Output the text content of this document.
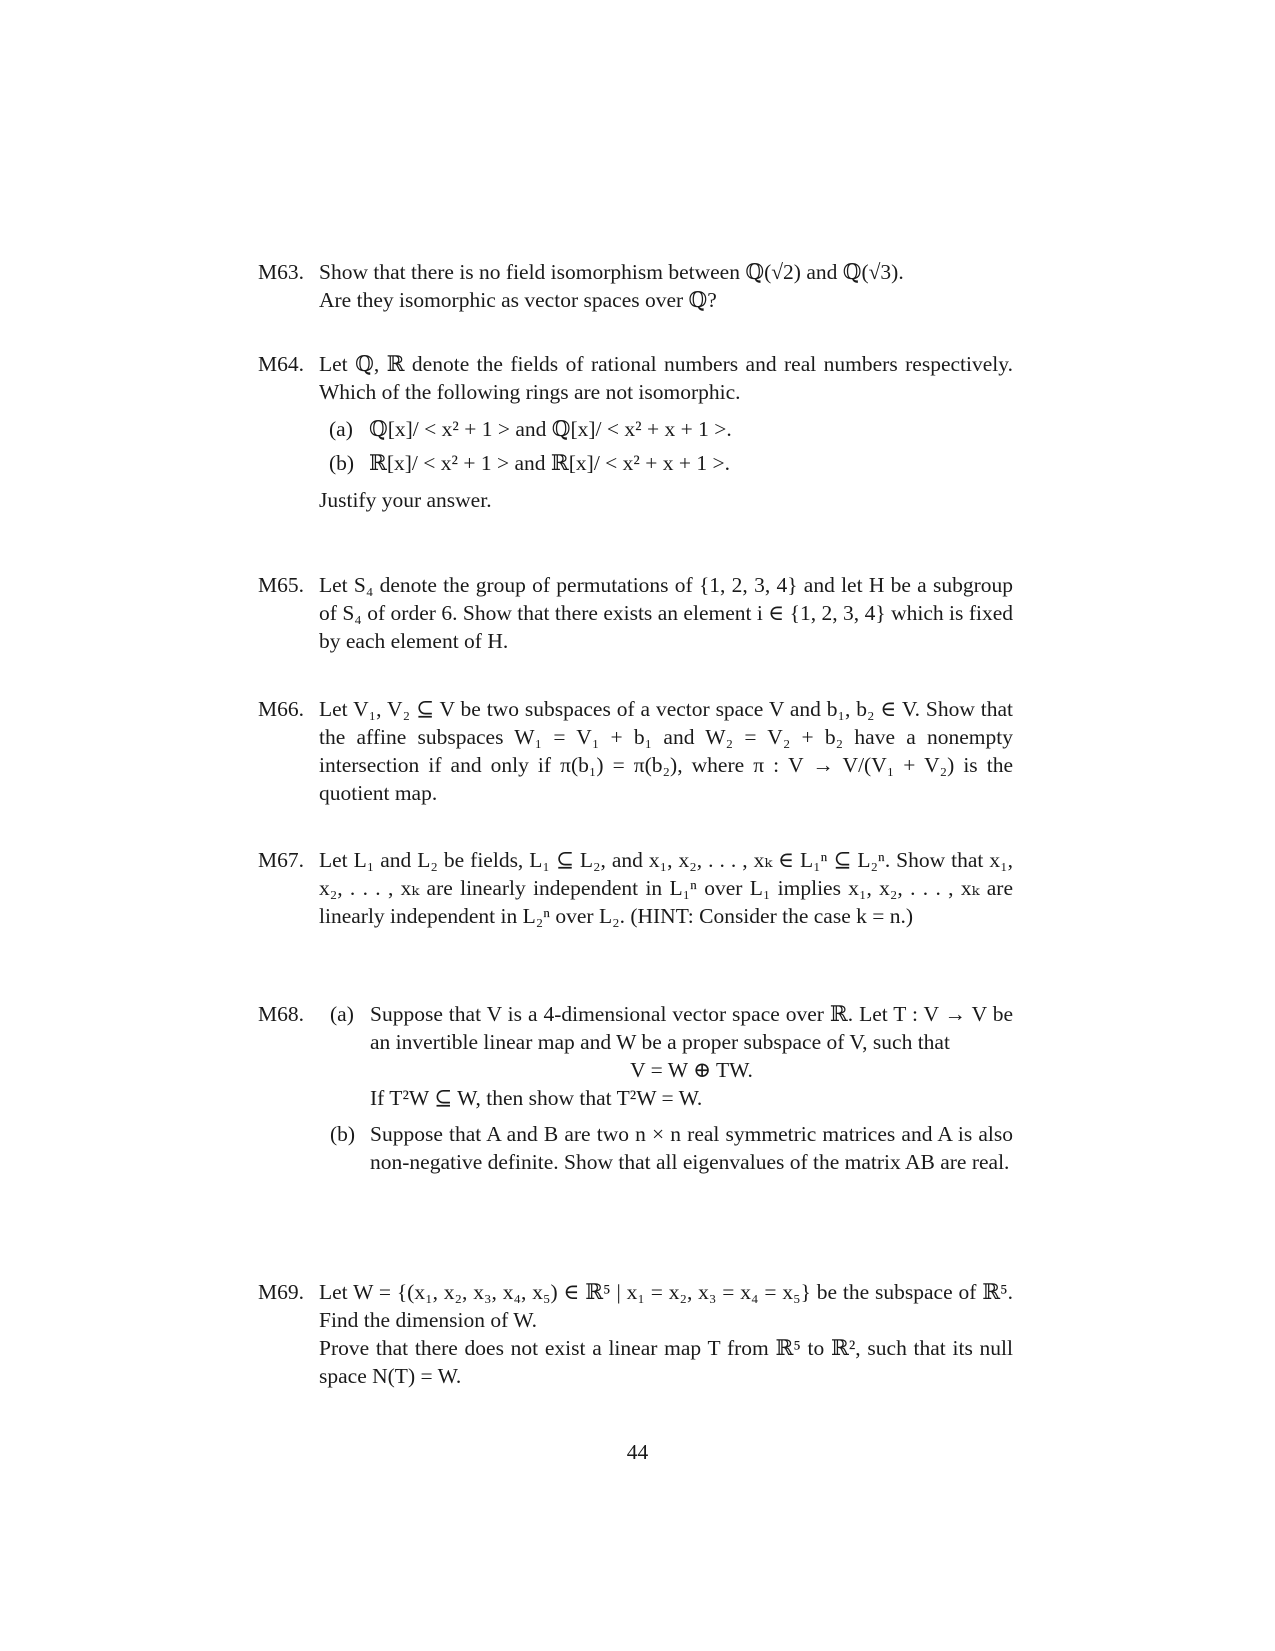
M63. Show that there is no field isomorphism between ℚ(√2) and ℚ(√3).

Are they isomorphic as vector spaces over ℚ?

M64. Let ℚ, ℝ denote the fields of rational numbers and real numbers respectively. Which of the following rings are not isomorphic.

(a) ℚ[x]/ < x² + 1 > and ℚ[x]/ < x² + x + 1 >.
(b) ℝ[x]/ < x² + 1 > and ℝ[x]/ < x² + x + 1 >.

Justify your answer.

M65. Let S₄ denote the group of permutations of {1, 2, 3, 4} and let H be a subgroup of S₄ of order 6. Show that there exists an element i ∈ {1, 2, 3, 4} which is fixed by each element of H.

M66. Let V₁, V₂ ⊆ V be two subspaces of a vector space V and b₁, b₂ ∈ V. Show that the affine subspaces W₁ = V₁ + b₁ and W₂ = V₂ + b₂ have a nonempty intersection if and only if π(b₁) = π(b₂), where π : V → V/(V₁ + V₂) is the quotient map.

M67. Let L₁ and L₂ be fields, L₁ ⊆ L₂, and x₁, x₂, . . . , xₖ ∈ L₁ⁿ ⊆ L₂ⁿ. Show that x₁, x₂, . . . , xₖ are linearly independent in L₁ⁿ over L₁ implies x₁, x₂, . . . , xₖ are linearly independent in L₂ⁿ over L₂. (HINT: Consider the case k = n.)

M68. (a) Suppose that V is a 4-dimensional vector space over ℝ. Let T : V → V be an invertible linear map and W be a proper subspace of V, such that

V = W ⊕ TW.

If T²W ⊆ W, then show that T²W = W.

(b) Suppose that A and B are two n × n real symmetric matrices and A is also non-negative definite. Show that all eigenvalues of the matrix AB are real.

M69. Let W = {(x₁, x₂, x₃, x₄, x₅) ∈ ℝ⁵ | x₁ = x₂, x₃ = x₄ = x₅} be the subspace of ℝ⁵. Find the dimension of W.

Prove that there does not exist a linear map T from ℝ⁵ to ℝ², such that its null space N(T) = W.

44
